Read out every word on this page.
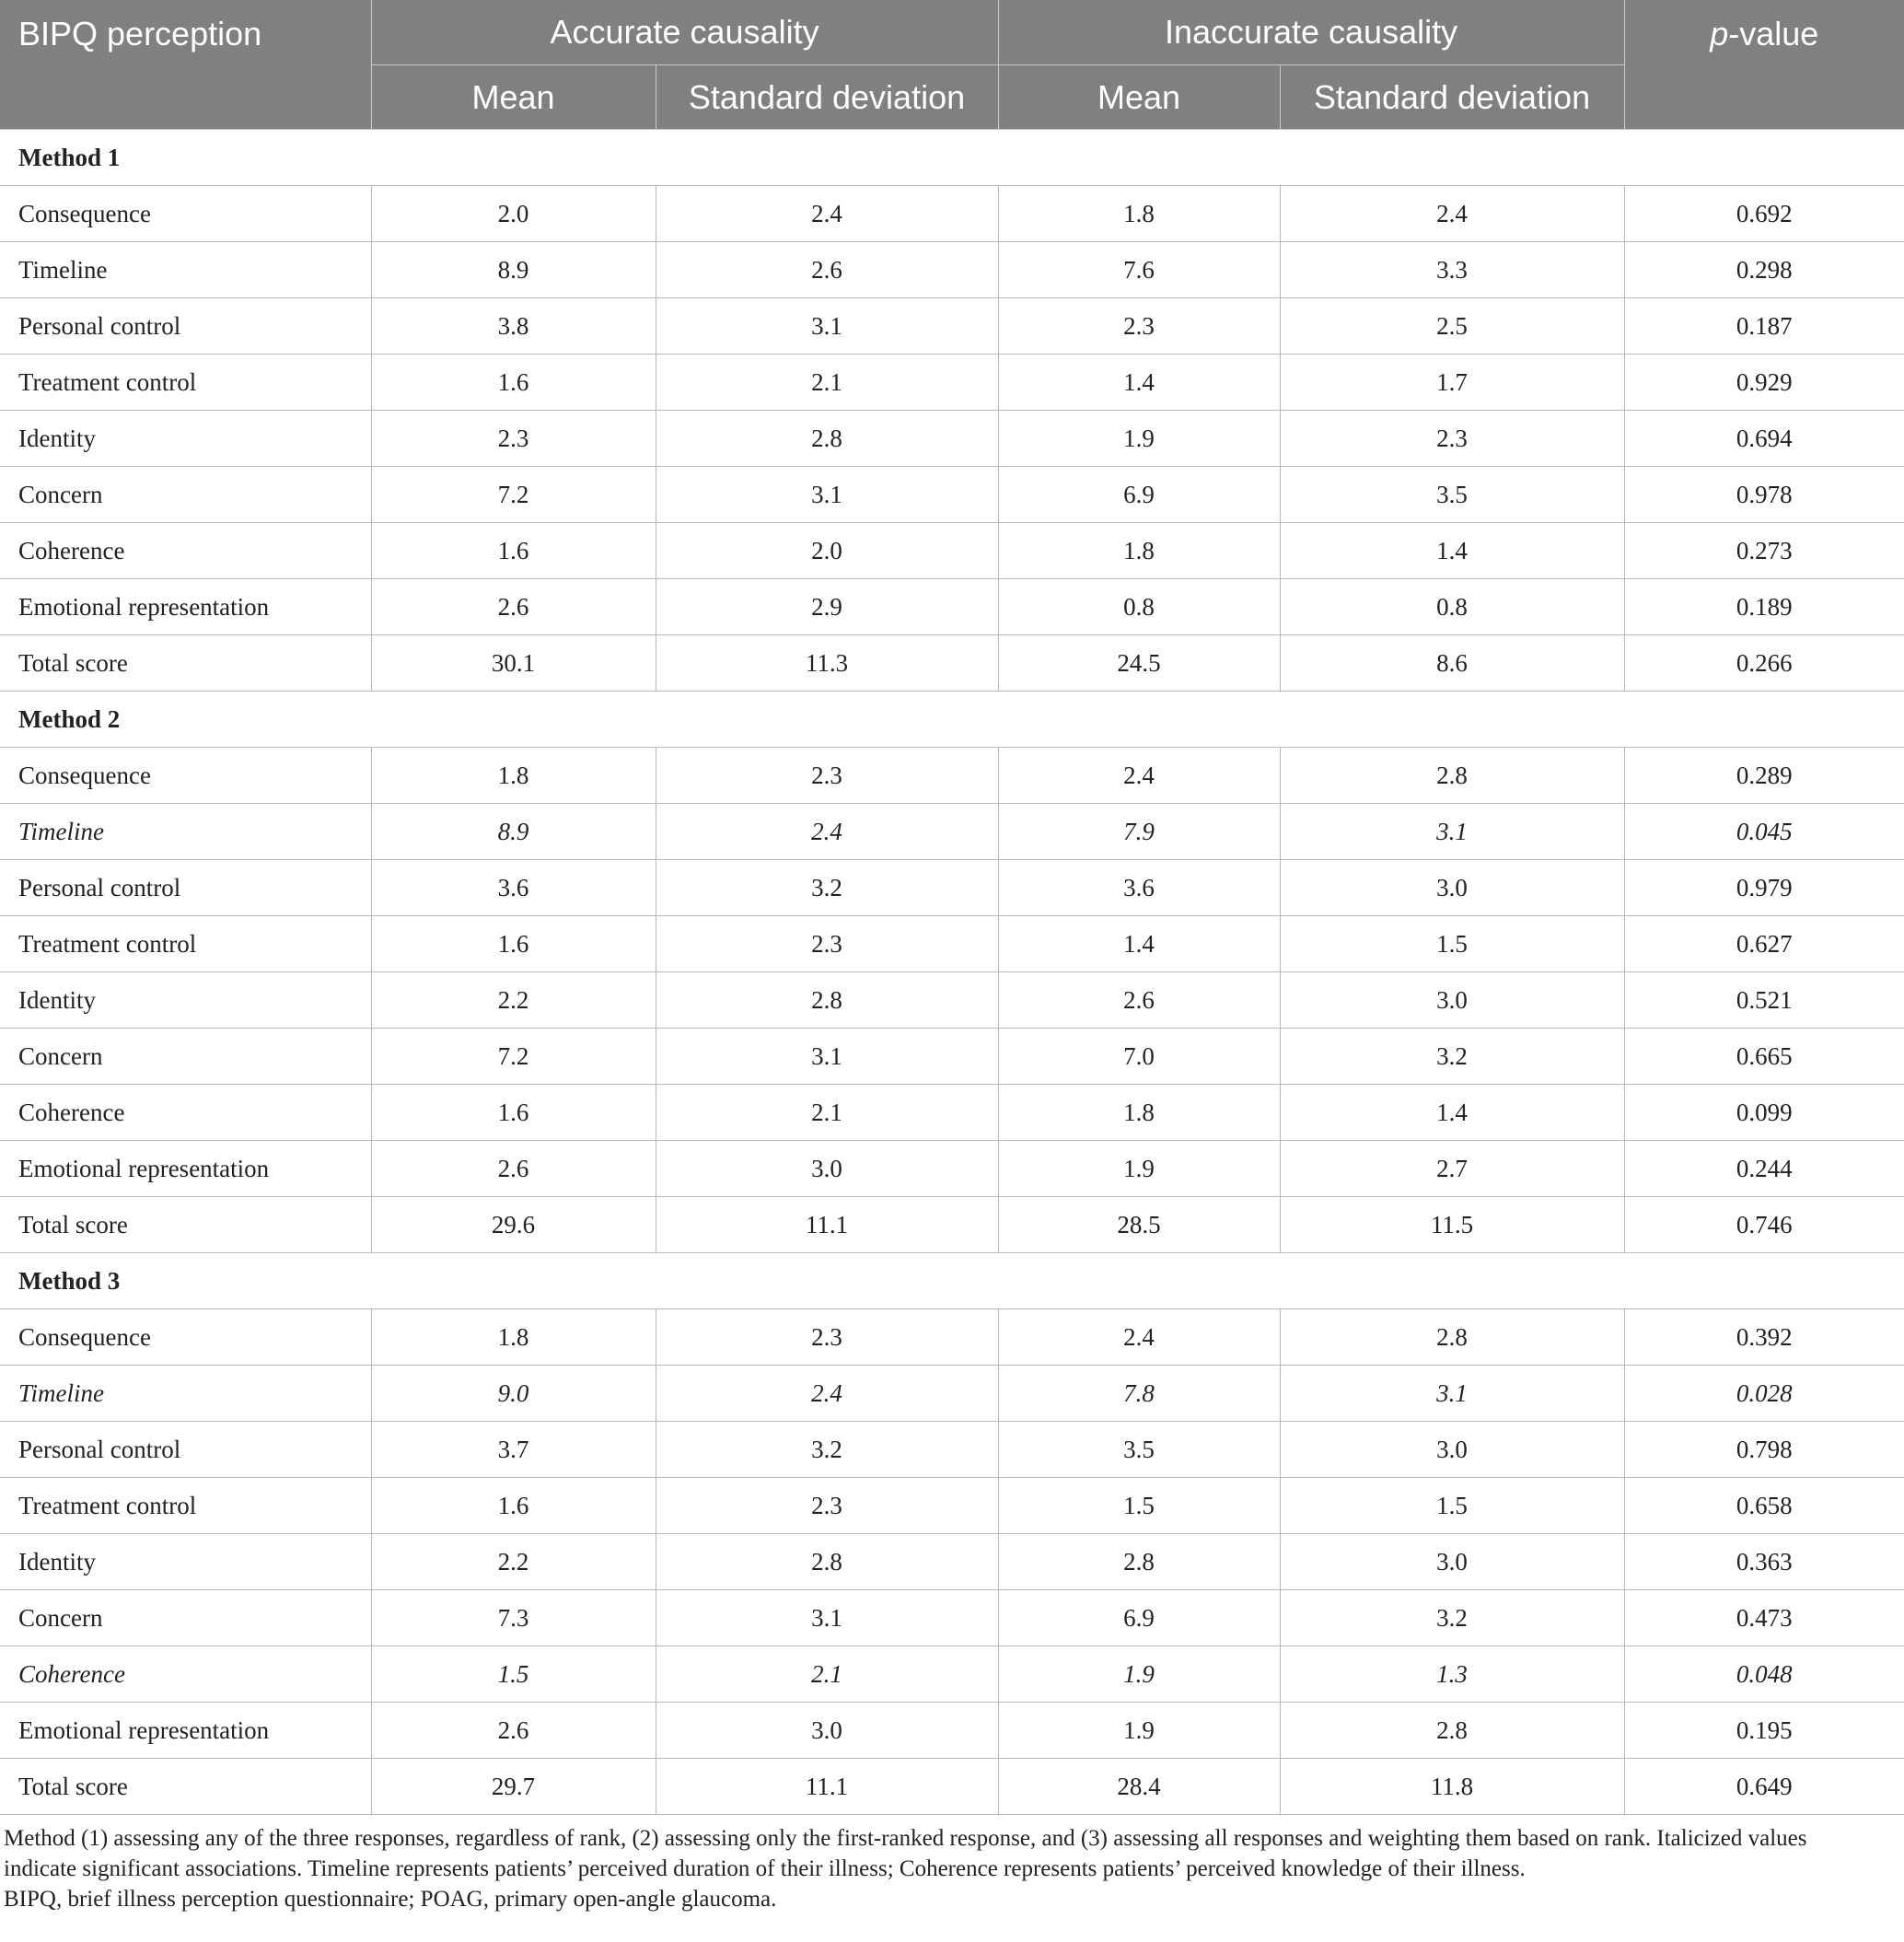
BIPQ perception	Accurate causality		Inaccurate causality		p-value
	Mean	Standard deviation	Mean	Standard deviation	
Method 1					
Consequence	2.0	2.4	1.8	2.4	0.692
Timeline	8.9	2.6	7.6	3.3	0.298
Personal control	3.8	3.1	2.3	2.5	0.187
Treatment control	1.6	2.1	1.4	1.7	0.929
Identity	2.3	2.8	1.9	2.3	0.694
Concern	7.2	3.1	6.9	3.5	0.978
Coherence	1.6	2.0	1.8	1.4	0.273
Emotional representation	2.6	2.9	0.8	0.8	0.189
Total score	30.1	11.3	24.5	8.6	0.266
Method 2					
Consequence	1.8	2.3	2.4	2.8	0.289
Timeline	8.9	2.4	7.9	3.1	0.045
Personal control	3.6	3.2	3.6	3.0	0.979
Treatment control	1.6	2.3	1.4	1.5	0.627
Identity	2.2	2.8	2.6	3.0	0.521
Concern	7.2	3.1	7.0	3.2	0.665
Coherence	1.6	2.1	1.8	1.4	0.099
Emotional representation	2.6	3.0	1.9	2.7	0.244
Total score	29.6	11.1	28.5	11.5	0.746
Method 3					
Consequence	1.8	2.3	2.4	2.8	0.392
Timeline	9.0	2.4	7.8	3.1	0.028
Personal control	3.7	3.2	3.5	3.0	0.798
Treatment control	1.6	2.3	1.5	1.5	0.658
Identity	2.2	2.8	2.8	3.0	0.363
Concern	7.3	3.1	6.9	3.2	0.473
Coherence	1.5	2.1	1.9	1.3	0.048
Emotional representation	2.6	3.0	1.9	2.8	0.195
Total score	29.7	11.1	28.4	11.8	0.649

Method (1) assessing any of the three responses, regardless of rank, (2) assessing only the first-ranked response, and (3) assessing all responses and weighting them based on rank. Italicized values indicate significant associations. Timeline represents patients’ perceived duration of their illness; Coherence represents patients’ perceived knowledge of their illness.

BIPQ, brief illness perception questionnaire; POAG, primary open-angle glaucoma.
